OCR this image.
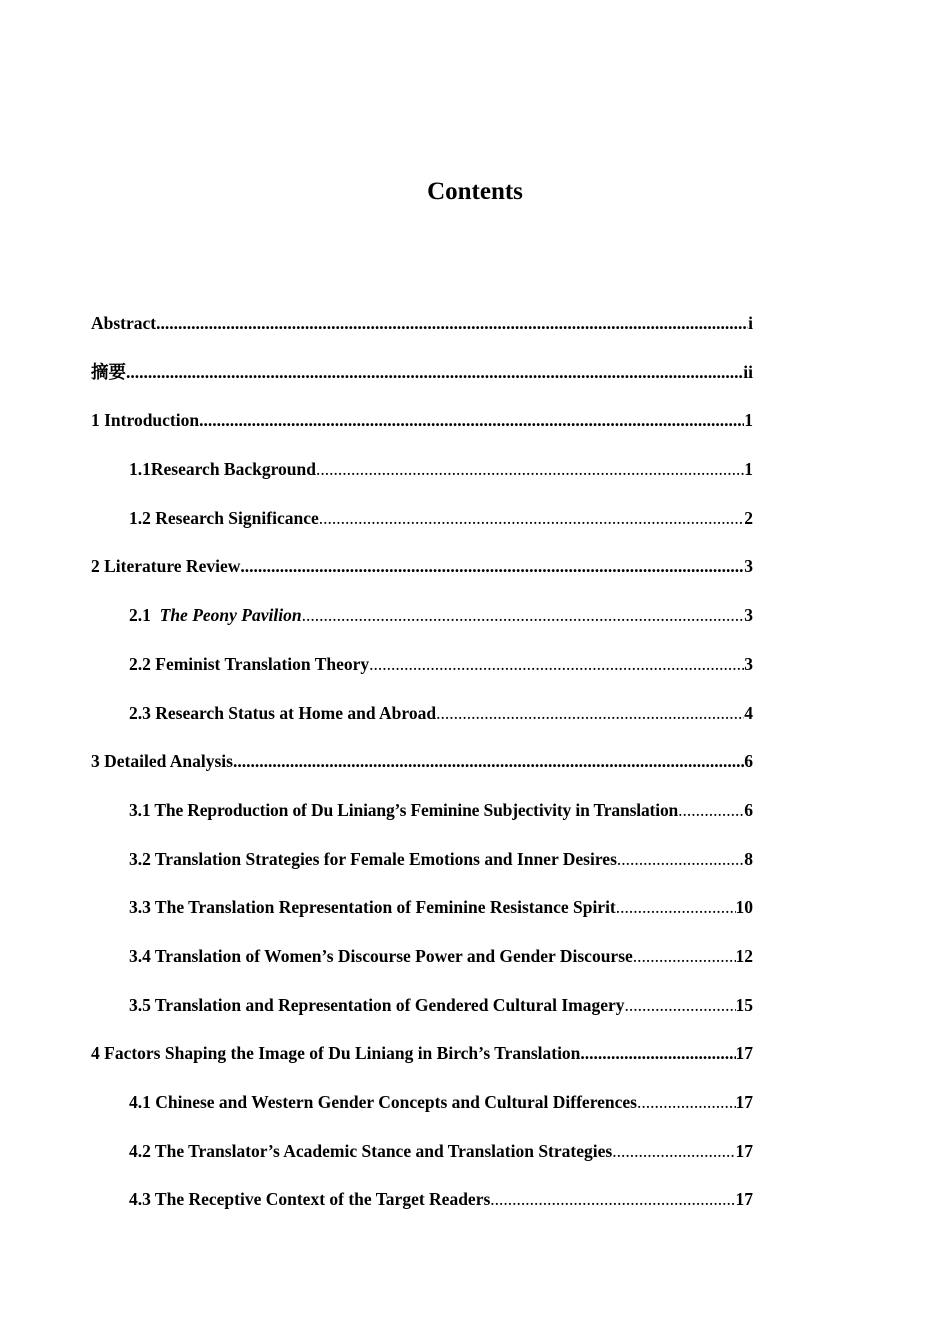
Contents
Abstract .....	i
摘要 .....	ii
1 Introduction .....	1
1.1Research Background .....	1
1.2 Research Significance .....	2
2 Literature Review .....	3
2.1  The Peony Pavilion .....	3
2.2 Feminist Translation Theory .....	3
2.3 Research Status at Home and Abroad .....	4
3 Detailed Analysis .....	6
3.1 The Reproduction of Du Liniang’s Feminine Subjectivity in Translation .....	6
3.2 Translation Strategies for Female Emotions and Inner Desires .....	8
3.3 The Translation Representation of Feminine Resistance Spirit .....	10
3.4 Translation of Women’s Discourse Power and Gender Discourse .....	12
3.5 Translation and Representation of Gendered Cultural Imagery .....	15
4 Factors Shaping the Image of Du Liniang in Birch’s Translation .....	17
4.1 Chinese and Western Gender Concepts and Cultural Differences .....	17
4.2 The Translator’s Academic Stance and Translation Strategies .....	17
4.3 The Receptive Context of the Target Readers .....	17
